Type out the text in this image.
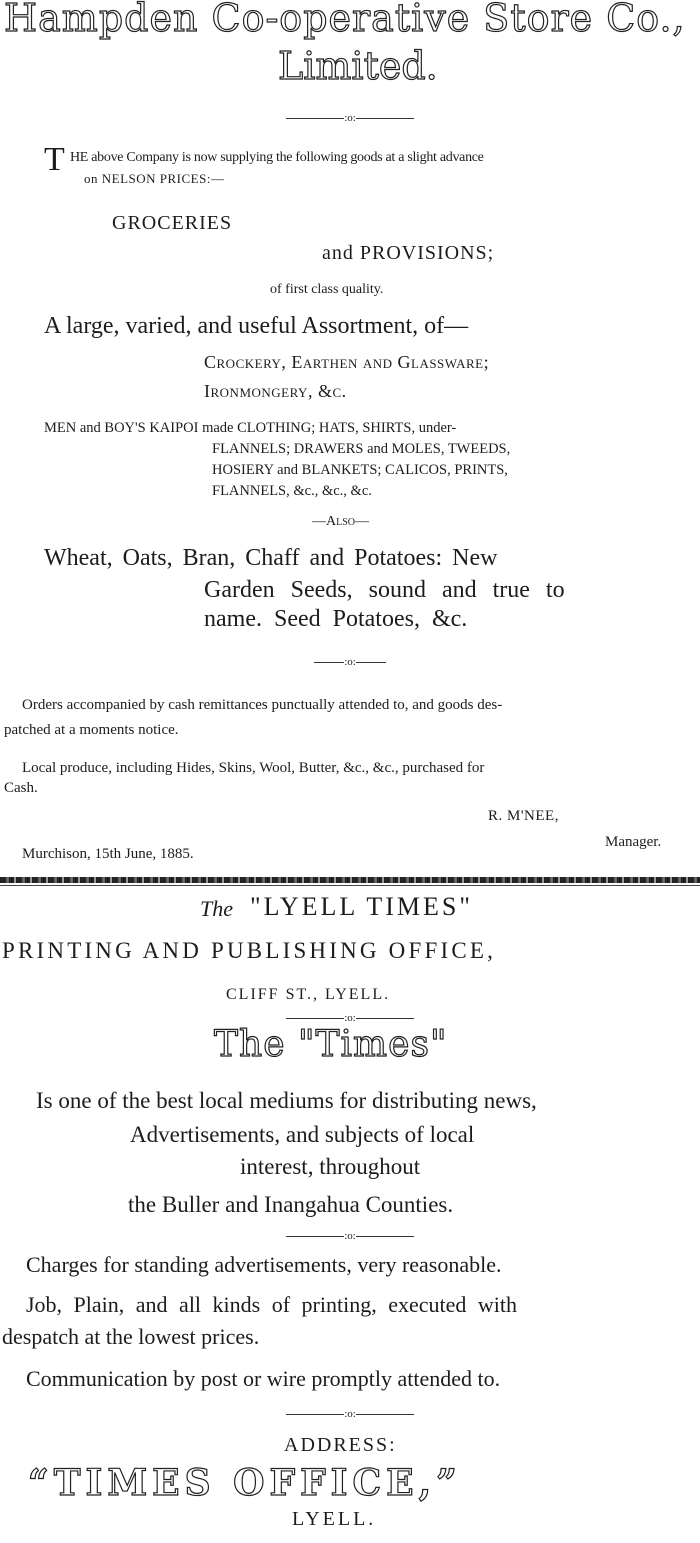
Hampden Co-operative Store Co.,
Limited.
:o:
T HE above Company is now supplying the following goods at a slight advance
on NELSON PRICES:—
GROCERIES
and PROVISIONS;
of first class quality.
A large, varied, and useful Assortment, of—
Crockery, Earthen and Glassware;
Ironmongery, &c.
MEN and BOY'S KAIPOI made CLOTHING; HATS, SHIRTS, under-
FLANNELS; DRAWERS and MOLES, TWEEDS,
HOSIERY and BLANKETS; CALICOS, PRINTS,
FLANNELS, &c., &c., &c.
—Also—
Wheat, Oats, Bran, Chaff and Potatoes: New
Garden Seeds, sound and true to
name. Seed Potatoes, &c.
:o:
Orders accompanied by cash remittances punctually attended to, and goods des-
patched at a moments notice.
Local produce, including Hides, Skins, Wool, Butter, &c., &c., purchased for
Cash.
R. M'NEE,
Manager.
Murchison, 15th June, 1885.
The "LYELL TIMES"
PRINTING AND PUBLISHING OFFICE,
CLIFF ST., LYELL.
:o:
The "Times"
Is one of the best local mediums for distributing news,
Advertisements, and subjects of local
interest, throughout
the Buller and Inangahua Counties.
:o:
Charges for standing advertisements, very reasonable.
Job, Plain, and all kinds of printing, executed with
despatch at the lowest prices.
Communication by post or wire promptly attended to.
:o:
ADDRESS:
“TIMES OFFICE,”
LYELL.
